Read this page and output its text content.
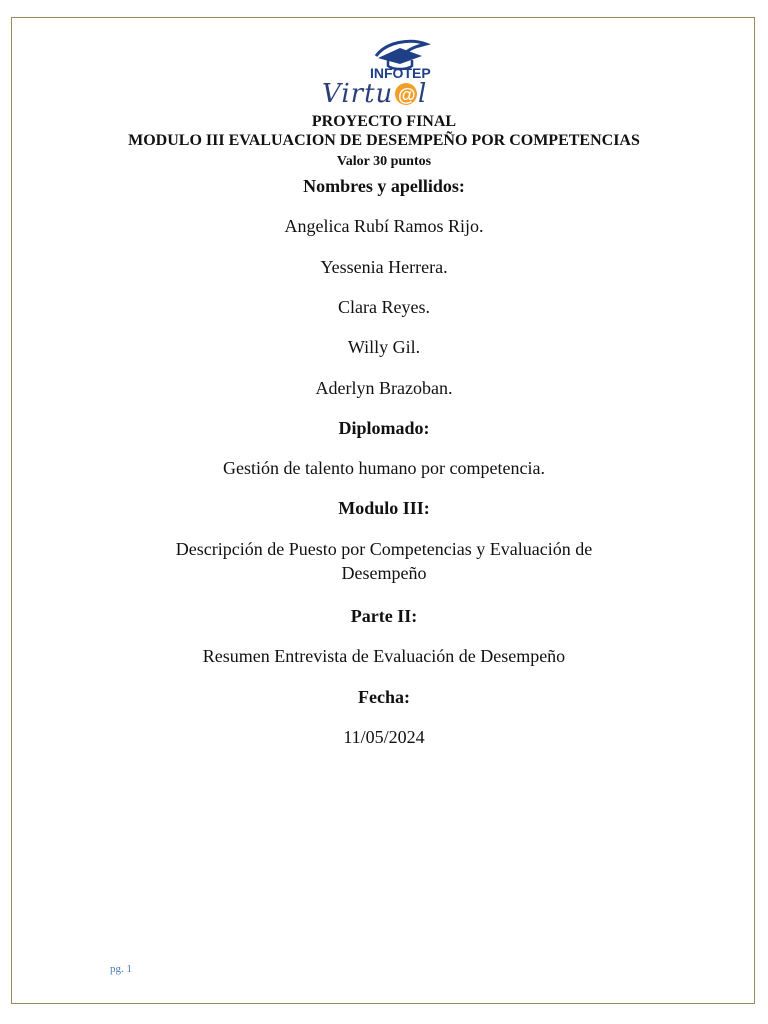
INFOTEP
Virtu @ l
PROYECTO FINAL
MODULO III EVALUACION DE DESEMPEÑO POR COMPETENCIAS
Valor 30 puntos
Nombres y apellidos:
Angelica Rubí Ramos Rijo.
Yessenia Herrera.
Clara Reyes.
Willy Gil.
Aderlyn Brazoban.
Diplomado:
Gestión de talento humano por competencia.
Modulo III:
Descripción de Puesto por Competencias y Evaluación de Desempeño
Parte II:
Resumen Entrevista de Evaluación de Desempeño
Fecha:
11/05/2024
pg. 1
